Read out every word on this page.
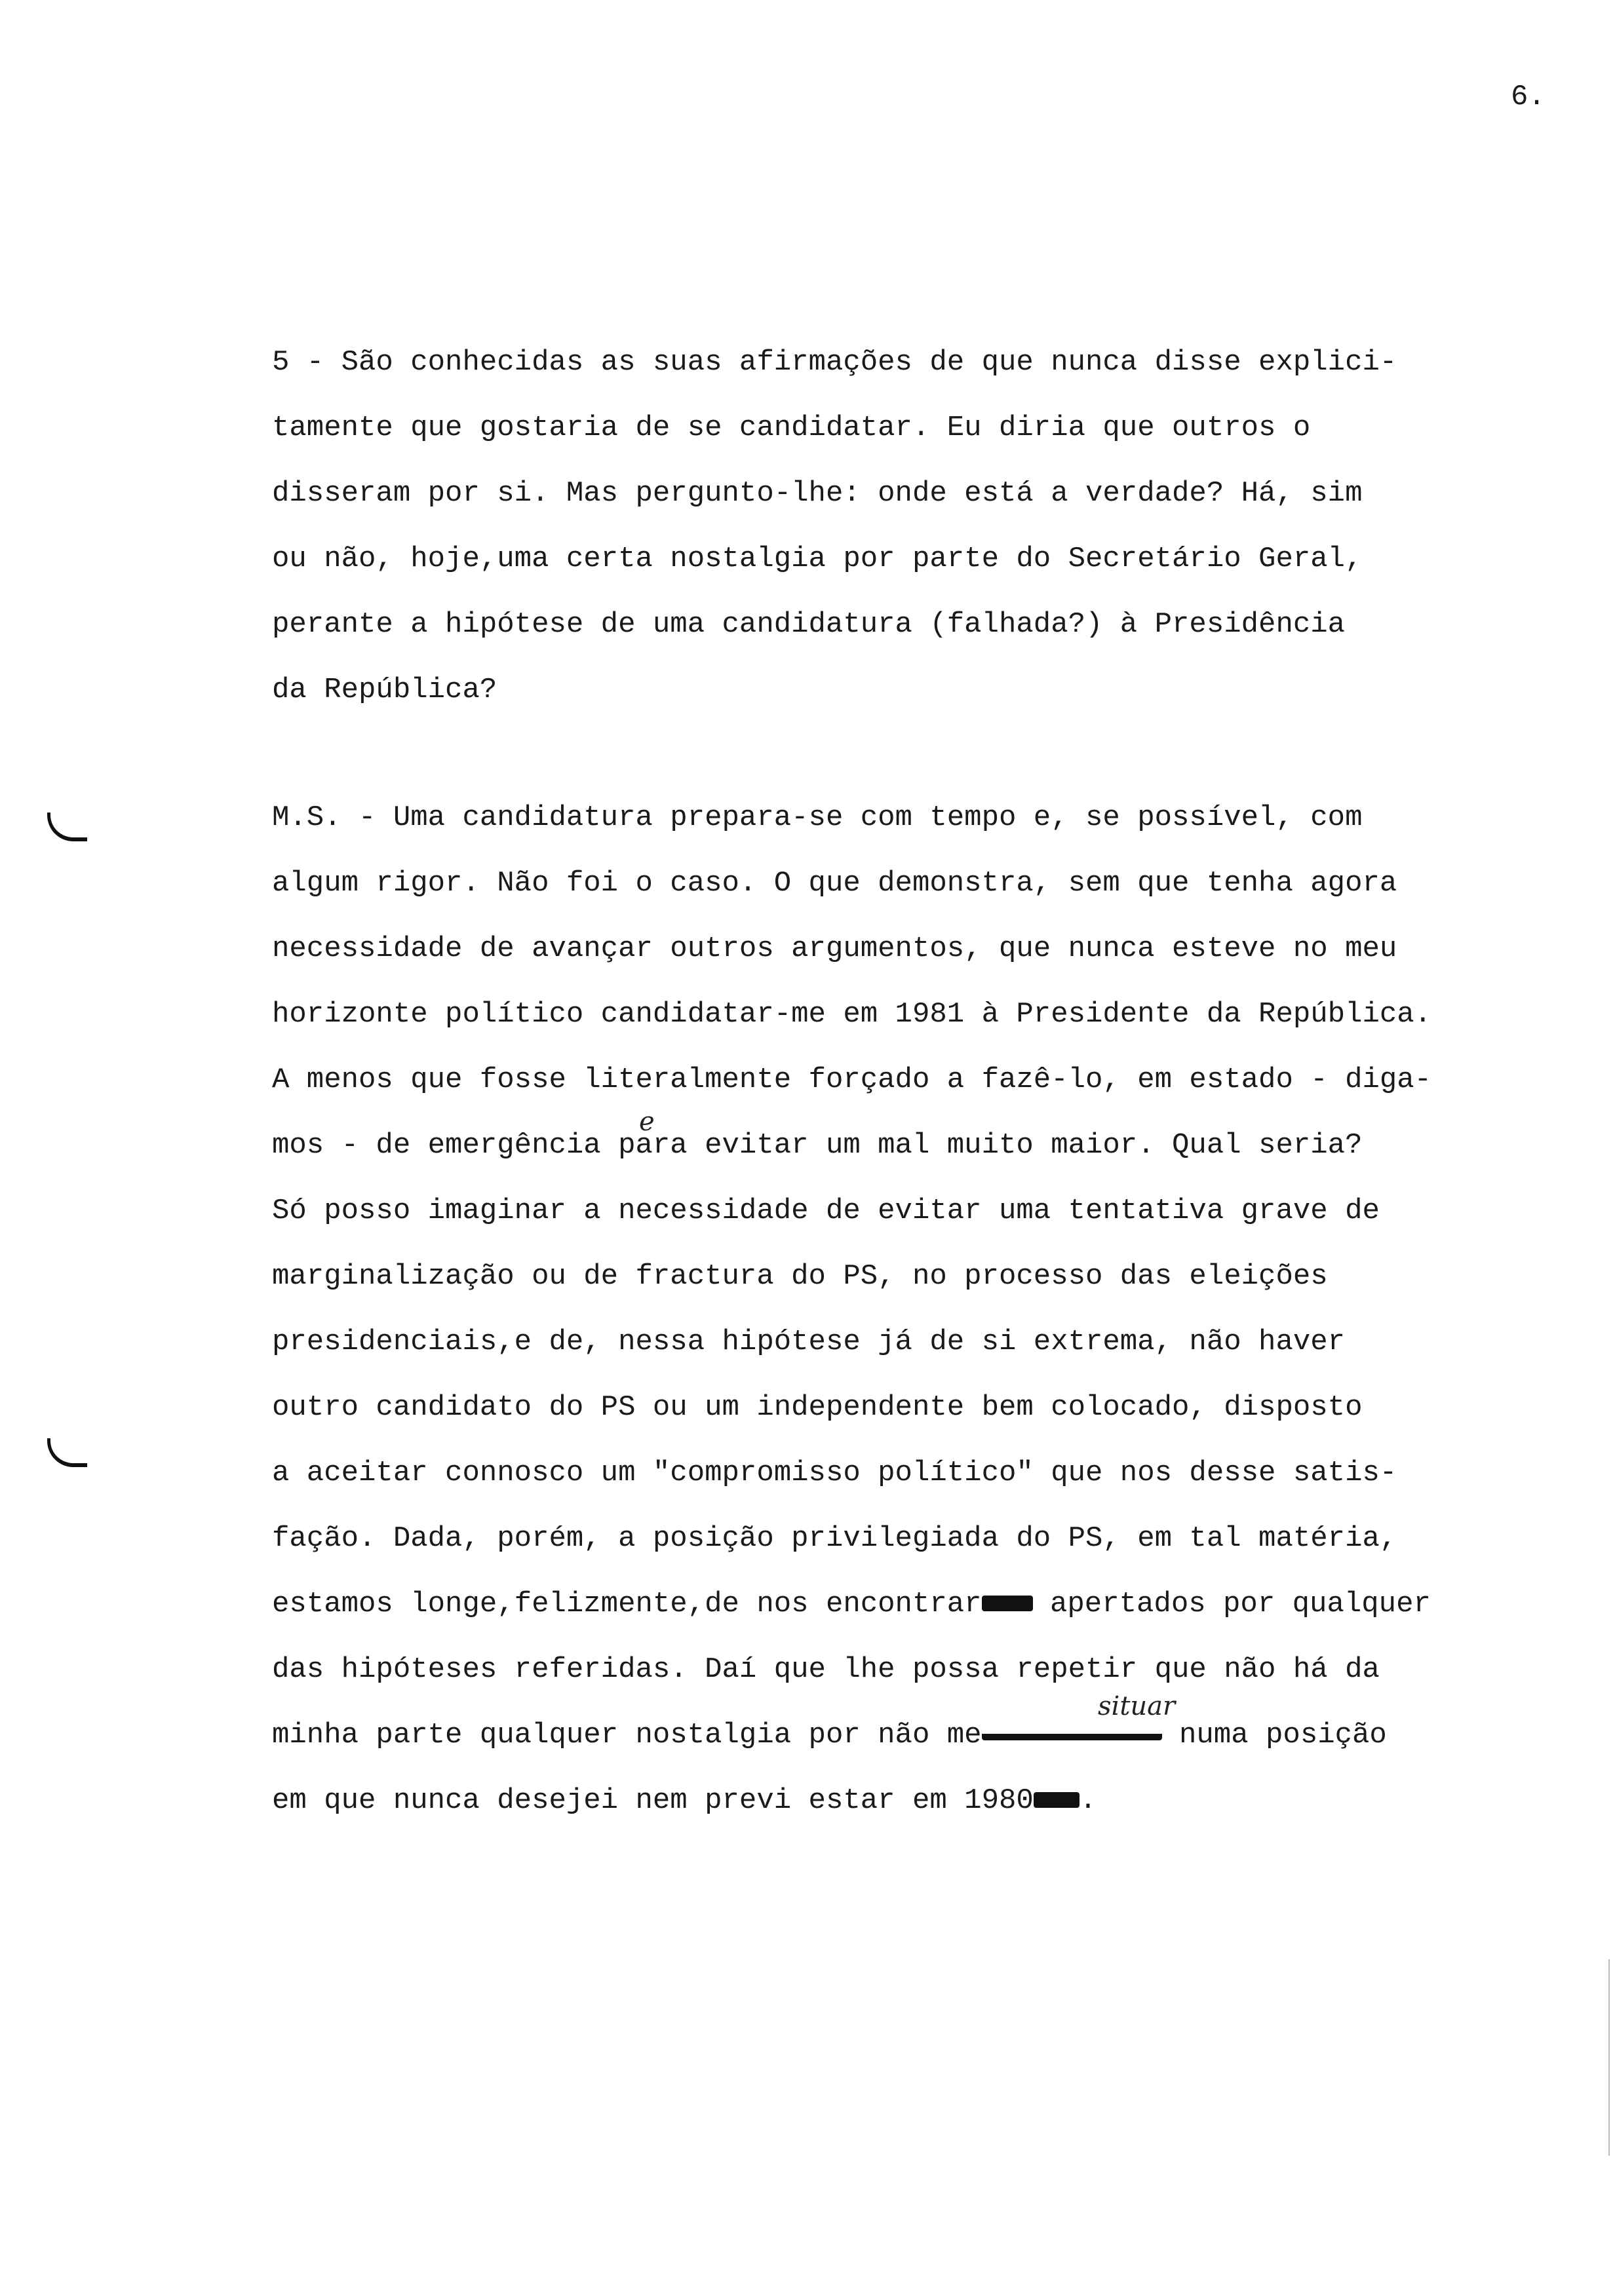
6.
5 - São conhecidas as suas afirmações de que nunca disse explici-
tamente que gostaria de se candidatar. Eu diria que outros o
disseram por si. Mas pergunto-lhe: onde está a verdade? Há, sim
ou não, hoje,uma certa nostalgia por parte do Secretário Geral,
perante a hipótese de uma candidatura (falhada?) à Presidência
da República?
M.S. - Uma candidatura prepara-se com tempo e, se possível, com
algum rigor. Não foi o caso. O que demonstra, sem que tenha agora
necessidade de avançar outros argumentos, que nunca esteve no meu
horizonte político candidatar-me em 1981 à Presidente da República.
A menos que fosse literalmente forçado a fazê-lo, em estado - diga-
e
mos - de emergência para evitar um mal muito maior. Qual seria?
Só posso imaginar a necessidade de evitar uma tentativa grave de
marginalização ou de fractura do PS, no processo das eleições
presidenciais,e de, nessa hipótese já de si extrema, não haver
outro candidato do PS ou um independente bem colocado, disposto
a aceitar connosco um "compromisso político" que nos desse satis-
fação. Dada, porém, a posição privilegiada do PS, em tal matéria,
estamos longe,felizmente,de nos encontrar apertados por qualquer
das hipóteses referidas. Daí que lhe possa repetir que não há da
situar
minha parte qualquer nostalgia por não me	numa posição
em que nunca desejei nem previ estar em 1980 .
